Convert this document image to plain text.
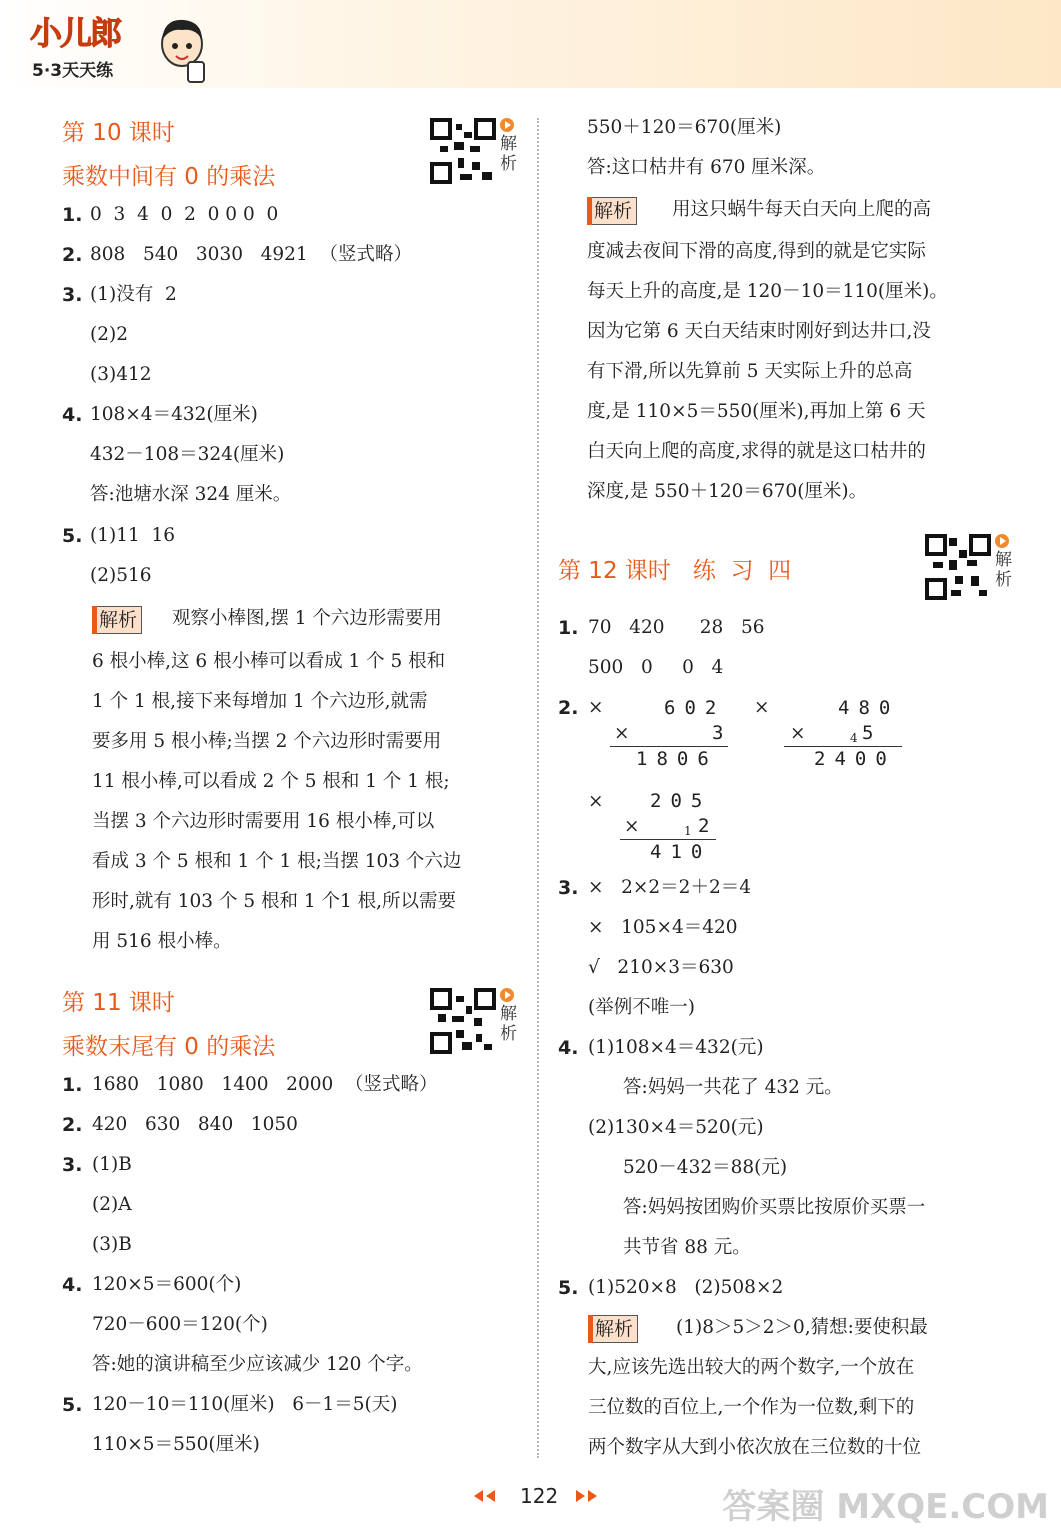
小儿郎
5·3天天练
第 10 课时
乘数中间有 0 的乘法
解析
1. 0  3  4  0  2  0 0 0  0
2. 808   540   3030   4921  （竖式略）
3. (1)没有  2
(2)2
(3)412
4. 108×4＝432(厘米)
432－108＝324(厘米)
答:池塘水深 324 厘米。
5. (1)11  16
(2)516
解析 观察小棒图,摆 1 个六边形需要用
6 根小棒,这 6 根小棒可以看成 1 个 5 根和
1 个 1 根,接下来每增加 1 个六边形,就需
要多用 5 根小棒;当摆 2 个六边形时需要用
11 根小棒,可以看成 2 个 5 根和 1 个 1 根;
当摆 3 个六边形时需要用 16 根小棒,可以
看成 3 个 5 根和 1 个 1 根;当摆 103 个六边
形时,就有 103 个 5 根和 1 个1 根,所以需要
用 516 根小棒。
第 11 课时
乘数末尾有 0 的乘法
解析
1. 1680   1080   1400   2000  （竖式略）
2. 420   630   840   1050
3. (1)B
(2)A
(3)B
4. 120×5＝600(个)
720－600＝120(个)
答:她的演讲稿至少应该减少 120 个字。
5. 120－10＝110(厘米)   6－1＝5(天)
110×5＝550(厘米)
550＋120＝670(厘米)
答:这口枯井有 670 厘米深。
解析 用这只蜗牛每天白天向上爬的高
度减去夜间下滑的高度,得到的就是它实际
每天上升的高度,是 120－10＝110(厘米)。
因为它第 6 天白天结束时刚好到达井口,没
有下滑,所以先算前 5 天实际上升的总高
度,是 110×5＝550(厘米),再加上第 6 天
白天向上爬的高度,求得的就是这口枯井的
深度,是 550＋120＝670(厘米)。
第 12 课时   练  习  四	解析
1. 70   420      28   56
500   0     0   4
2. ×	602
×	3
1806
×	480
×	4 5
2400
× 205
×	1 2
410
3. ×   2×2＝2＋2＝4
×   105×4＝420
√   210×3＝630
(举例不唯一)
4. (1)108×4＝432(元)
答:妈妈一共花了 432 元。
(2)130×4＝520(元)
520－432＝88(元)
答:妈妈按团购价买票比按原价买票一
共节省 88 元。
5. (1)520×8   (2)508×2
解析 (1)8＞5＞2＞0,猜想:要使积最
大,应该先选出较大的两个数字,一个放在
三位数的百位上,一个作为一位数,剩下的
两个数字从大到小依次放在三位数的十位
122	答案圈 MXQE.COM
